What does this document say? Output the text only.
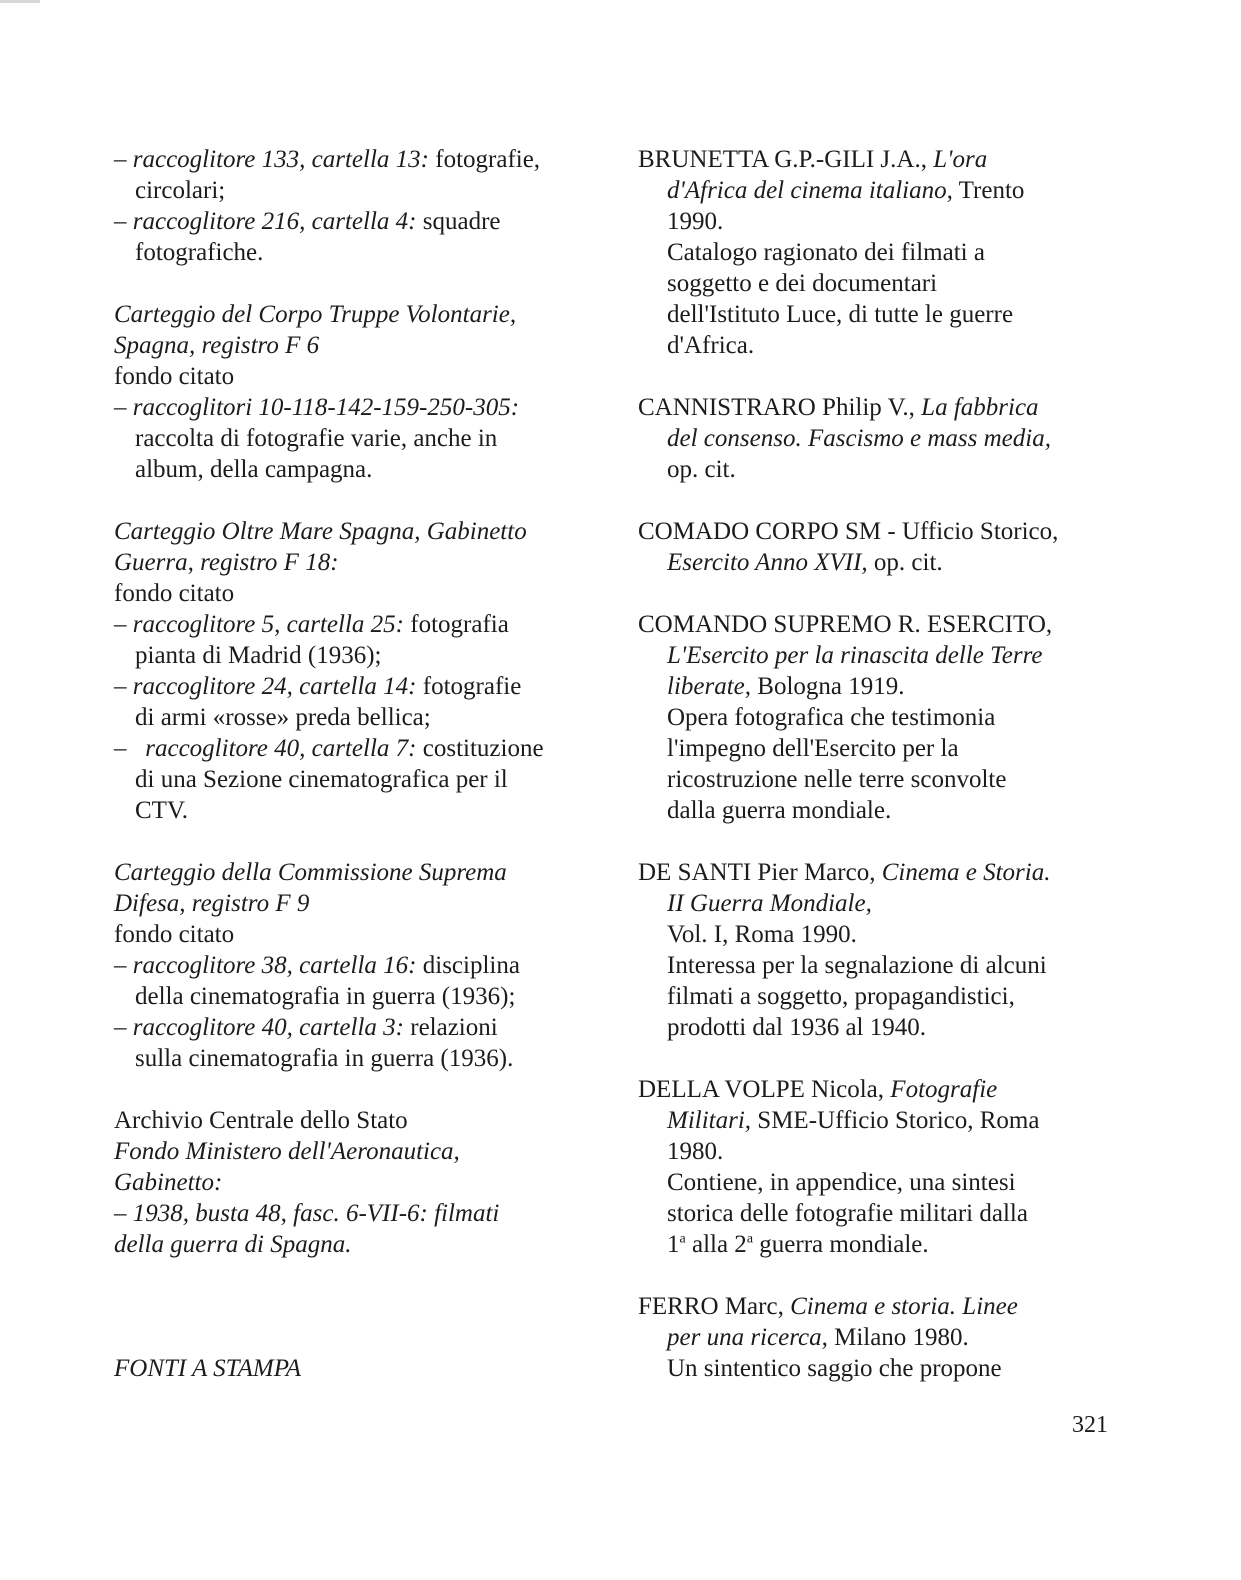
– raccoglitore 133, cartella 13: fotografie,
circolari;
– raccoglitore 216, cartella 4: squadre
fotografiche.
Carteggio del Corpo Truppe Volontarie,
Spagna, registro F 6
fondo citato
– raccoglitori 10-118-142-159-250-305:
raccolta di fotografie varie, anche in
album, della campagna.
Carteggio Oltre Mare Spagna, Gabinetto
Guerra, registro F 18:
fondo citato
– raccoglitore 5, cartella 25: fotografia
pianta di Madrid (1936);
– raccoglitore 24, cartella 14: fotografie
di armi «rosse» preda bellica;
–   raccoglitore 40, cartella 7: costituzione
di una Sezione cinematografica per il
CTV.
Carteggio della Commissione Suprema
Difesa, registro F 9
fondo citato
– raccoglitore 38, cartella 16: disciplina
della cinematografia in guerra (1936);
– raccoglitore 40, cartella 3: relazioni
sulla cinematografia in guerra (1936).
Archivio Centrale dello Stato
Fondo Ministero dell'Aeronautica,
Gabinetto:
– 1938, busta 48, fasc. 6-VII-6: filmati
della guerra di Spagna.
FONTI A STAMPA
BRUNETTA G.P.-GILI J.A., L'ora
d'Africa del cinema italiano, Trento
1990.
Catalogo ragionato dei filmati a
soggetto e dei documentari
dell'Istituto Luce, di tutte le guerre
d'Africa.
CANNISTRARO Philip V., La fabbrica
del consenso. Fascismo e mass media,
op. cit.
COMADO CORPO SM - Ufficio Storico,
Esercito Anno XVII, op. cit.
COMANDO SUPREMO R. ESERCITO,
L'Esercito per la rinascita delle Terre
liberate, Bologna 1919.
Opera fotografica che testimonia
l'impegno dell'Esercito per la
ricostruzione nelle terre sconvolte
dalla guerra mondiale.
DE SANTI Pier Marco, Cinema e Storia.
II Guerra Mondiale,
Vol. I, Roma 1990.
Interessa per la segnalazione di alcuni
filmati a soggetto, propagandistici,
prodotti dal 1936 al 1940.
DELLA VOLPE Nicola, Fotografie
Militari, SME-Ufficio Storico, Roma
1980.
Contiene, in appendice, una sintesi
storica delle fotografie militari dalla
1$^a$ alla 2$^a$ guerra mondiale.
FERRO Marc, Cinema e storia. Linee
per una ricerca, Milano 1980.
Un sintentico saggio che propone
321
